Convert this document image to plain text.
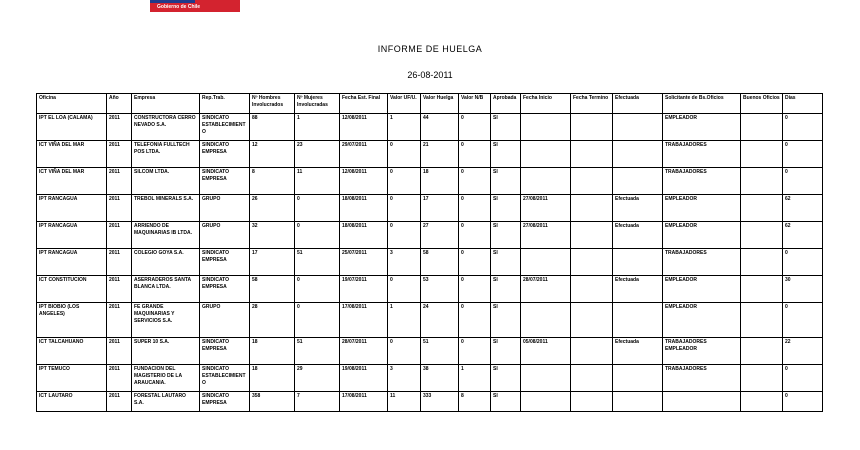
Gobierno de Chile
INFORME DE HUELGA
26-08-2011
Oficina	Año	Empresa	Rep.Trab.	Nº Hombres Involucrados	Nº Mujeres Involucradas	Fecha Est. Final	Valor UF/U.	Valor Huelga	Valor N/B	Aprobada	Fecha Inicio	Fecha Termino	Efectuada	Solicitante de Bs.Oficios	Buenos Oficios	Días
IPT EL LOA (CALAMA)	2011	CONSTRUCTORA CERRO NEVADO S.A.	SINDICATO ESTABLECIMIENTO	88	1	12/08/2011	1	44	0	SI				EMPLEADOR		0
ICT VIÑA DEL MAR	2011	TELEFONIA FULLTECH POS LTDA.	SINDICATO EMPRESA	12	23	29/07/2011	0	21	0	SI				TRABAJADORES		0
ICT VIÑA DEL MAR	2011	SILCOM LTDA.	SINDICATO EMPRESA	8	11	12/08/2011	0	18	0	SI				TRABAJADORES		0
IPT RANCAGUA	2011	TREBOL MINERALS S.A.	GRUPO	26	0	18/08/2011	0	17	0	SI	27/08/2011		Efectuada	EMPLEADOR		62
IPT RANCAGUA	2011	ARRIENDO DE MAQUINARIAS IB LTDA.	GRUPO	32	0	18/08/2011	0	27	0	SI	27/08/2011		Efectuada	EMPLEADOR		62
IPT RANCAGUA	2011	COLEGIO GOYA S.A.	SINDICATO EMPRESA	17	51	25/07/2011	3	58	0	SI				TRABAJADORES		0
ICT CONSTITUCION	2011	ASERRADEROS SANTA BLANCA LTDA.	SINDICATO EMPRESA	58	0	19/07/2011	0	53	0	SI	28/07/2011		Efectuada	EMPLEADOR		30
IPT BIOBIO (LOS ANGELES)	2011	FE GRANDE MAQUINARIAS Y SERVICIOS S.A.	GRUPO	28	0	17/08/2011	1	24	0	SI				EMPLEADOR		0
ICT TALCAHUANO	2011	SUPER 10 S.A.	SINDICATO EMPRESA	18	51	28/07/2011	0	51	0	SI	05/08/2011		Efectuada	TRABAJADORES EMPLEADOR		22
IPT TEMUCO	2011	FUNDACION DEL MAGISTERIO DE LA ARAUCANIA.	SINDICATO ESTABLECIMIENTO	18	29	19/08/2011	3	38	1	SI				TRABAJADORES		0
ICT LAUTARO	2011	FORESTAL LAUTARO S.A.	SINDICATO EMPRESA	358	7	17/08/2011	11	333	8	SI						0
